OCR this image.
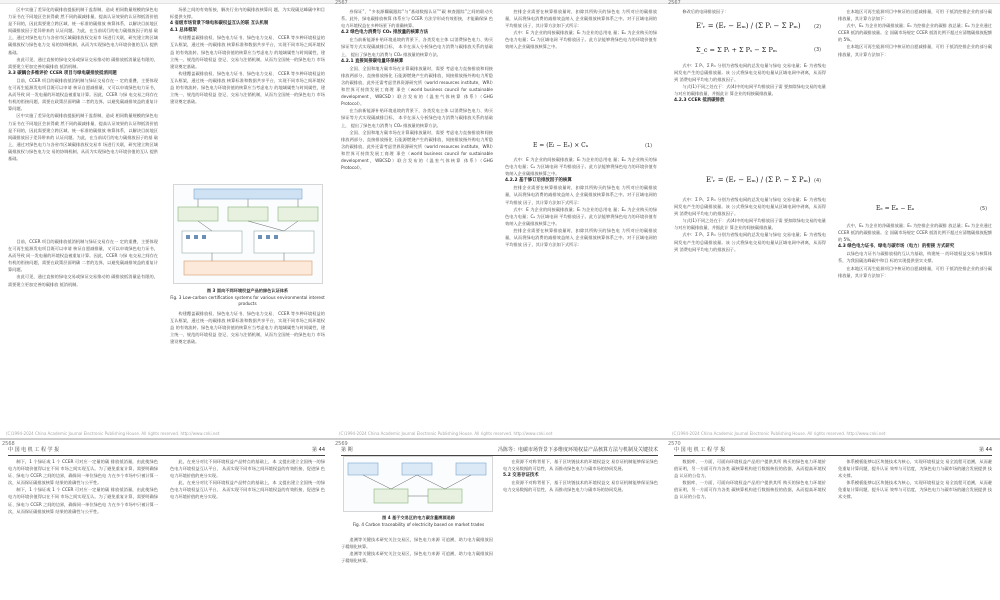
区中实施了差异化的碳排放提振机制于监督制，造成 相同数量规模的绿色电力证书在不同地区会获得截 然不同的碳减排量，提高认证效果的认证和抵消价值 是不同的，因此需要建立跨区域、统一标准的碳排放 核算体系，以解决目前地区间碳排放因子差异带来的 认证问题。为此，在当前试行的电力碳排放因子的基 础上，通过对绿色电力与各省市区域碳排放权交易市 场进行关联，研究建立跨区域碳排放权与绿色电力交 易的协调机制，从而为实现绿色电力环境价值的互认 提供基础。

由此可见，通过直接的绿电交易或绿证交易推动的 碳排放抵消量是有限的，需要建立更加完善的碳排放 抵消机制。

3.3 碳耦合多维评价 CCER 项目与绿电碳排放抵消问题

目前，CCER 项目的碳排放抵消机制与绿证交易存在一 定的重叠，主要体现在可再生能源发电项目既可以申请 核证自愿减排量，又可以申请绿色电力证书，从而导致 同一发电量的环境权益被重复计算。因此，CCER 与绿 电交易之间存在有机的衔接问题，需要在政策层面明确 二者的边界，以避免碳减排效益的重复计算问题。

区中实施了差异化的碳排放提振机制于监督制，造成 相同数量规模的绿色电力证书在不同地区会获得截 然不同的碳减排量，提高认证效果的认证和抵消价值 是不同的，因此需要建立跨区域、统一标准的碳排放 核算体系，以解决目前地区间碳排放因子差异带来的 认证问题。为此，在当前试行的电力碳排放因子的基 础上，通过对绿色电力与各省市区域碳排放权交易市 场进行关联，研究建立跨区域碳排放权与绿色电力交 易的协调机制，从而为实现绿色电力环境价值的互认 提供基础。

场景之间的有效衔接，解决行业内的碳排放核算问 题，为实现碳达峰碳中和目标提供支撑。

4 省级市场背景下绿电和碳权益互认的联 互认机制

4.1 总体框架

构建覆盖碳排放权、绿色电力证书、绿色电力交易、 CCER 等多种环境权益的互认框架，通过统一的碳排放 核算标准和数据共享平台，实现不同市场之间环境权益 的有效流转。绿色电力环境价值的核算应当考虑电力 的地域属性与时间属性，建立统一、规范的环境权益 登记、交易与注销机制，从而为全国统一的绿色电力 市场建设奠定基础。

构建覆盖碳排放权、绿色电力证书、绿色电力交易、 CCER 等多种环境权益的互认框架，通过统一的碳排放 核算标准和数据共享平台，实现不同市场之间环境权益 的有效流转。绿色电力环境价值的核算应当考虑电力 的地域属性与时间属性，建立统一、规范的环境权益 登记、交易与注销机制，从而为全国统一的绿色电力 市场建设奠定基础。

图 3 面向不同环境权益产品的绿色认证体系
Fig. 3 Low-carbon certification systems for various environmental interest products

目前，CCER 项目的碳排放抵消机制与绿证交易存在一 定的重叠，主要体现在可再生能源发电项目既可以申请 核证自愿减排量，又可以申请绿色电力证书，从而导致 同一发电量的环境权益被重复计算。因此，CCER 与绿 电交易之间存在有机的衔接问题，需要在政策层面明确 二者的边界，以避免碳减排效益的重复计算问题。

由此可见，通过直接的绿电交易或绿证交易推动的 碳排放抵消量是有限的，需要建立更加完善的碳排放 抵消机制。

构建覆盖碳排放权、绿色电力证书、绿色电力交易、 CCER 等多种环境权益的互认框架，通过统一的碳排放 核算标准和数据共享平台，实现不同市场之间环境权益 的有效流转。绿色电力环境价值的核算应当考虑电力 的地域属性与时间属性，建立统一、规范的环境权益 登记、交易与注销机制，从而为全国统一的绿色电力 市场建设奠定基础。

(C)1994-2024 China Academic Journal Electronic Publishing House. All rights reserved. http://www.cnki.net
2567

券保证”、“多表源耦碳跟踪”与“基础数据认证”“碳 核查跟踪”之间的联动关系。此外，绿电碳排放核算 体系应与 CCER 方法学形成有效衔接，才能确保绿 色电力环境权益在多种场景下的准确核算。

4.2 绿色电力消费与 CO₂ 排放量的核算方法

在当前新能源补贴环境退坡的背景下，各类发电主体 以消费绿色电力、购买绿证等方式实现碳减排目标， 本节在深入分析绿色电力消费与碳排放关系的基础上， 提出了绿色电力消费与 CO₂ 排放量的核算方法。

4.2.1 直接间接碳电量环保核算

全国、全国和地方碳市场在计算碳排放量时，需要 考虑电力直接排放和间接排放两部分，直接排放指化 石能源燃烧产生的碳排放，间接排放指外购电力所隐 含的碳排放，此外还需考虑世界资源研究所（world resources institute，WRI）和世界可持续发展工商理 事会（world business council for sustainable development，WBCSD）联合发布的《温室气体核算 体系》（GHG Protocol）。

在当前新能源补贴环境退坡的背景下，各类发电主体 以消费绿色电力、购买绿证等方式实现碳减排目标， 本节在深入分析绿色电力消费与碳排放关系的基础上， 提出了绿色电力消费与 CO₂ 排放量的核算方法。

全国、全国和地方碳市场在计算碳排放量时，需要 考虑电力直接排放和间接排放两部分，直接排放指化 石能源燃烧产生的碳排放，间接排放指外购电力所隐 含的碳排放，此外还需考虑世界资源研究所（world resources institute，WRI）和世界可持续发展工商理 事会（world business council for sustainable development，WBCSD）联合发布的《温室气体核算 体系》（GHG Protocol）。

控排企业需要在核算排放量时，扣除其所购买的绿色电 力所对应的碳排放量，从而将绿电消费的减排效益纳入 企业碳排放核算体系之中。对于区域电网的平均排放 因子，其计算方法如下式所示：

式中：E 为企业的间接碳排放量；Eₗ 为企业的总用电 量；Eₑ 为企业购买的绿色电力电量；Cₐ 为区域电网 平均排放因子。此方法能够将绿色电力的环境价值有 效纳入企业碳排放核算之中。

E = (Eₗ − Eₑ) × Cₐ	(1)

式中：E 为企业的间接碳排放量；Eₗ 为企业的总用电 量；Eₑ 为企业购买的绿色电力电量；Cₐ 为区域电网 平均排放因子。此方法能够将绿色电力的环境价值有 效纳入企业碳排放核算之中。

4.2.2 基于修订后排放因子的核算

控排企业需要在核算排放量时，扣除其所购买的绿色电 力所对应的碳排放量，从而将绿电消费的减排效益纳入 企业碳排放核算体系之中。对于区域电网的平均排放 因子，其计算方法如下式所示：

式中：E 为企业的间接碳排放量；Eₗ 为企业的总用电 量；Eₑ 为企业购买的绿色电力电量；Cₐ 为区域电网 平均排放因子。此方法能够将绿色电力的环境价值有 效纳入企业碳排放核算之中。

控排企业需要在核算排放量时，扣除其所购买的绿色电 力所对应的碳排放量，从而将绿电消费的减排效益纳入 企业碳排放核算体系之中。对于区域电网的平均排放 因子，其计算方法如下式所示：

(C)1994-2024 China Academic Journal Electronic Publishing House. All rights reserved. http://www.cnki.net
2567

修改后的电网排放因子：

E'ᵣ = (Eᵣ − Eₘ) / (Σ Pᵢ − Σ Pₘ)	(2)
Σ_c = Σ Pᵢ + Σ Pₛ − Σ Pₘ	(3)

式中：Σ Pᵢ、Σ Pₘ 分别为省级电网的总发电量与绿电 交易电量；Eᵣ 为省级电网发电产生的总碳排放量。该 公式将绿电交易的电量从区域电网中剥离，从而得到 消费电网平均电力的排放因子。

与式(1)不同之处在于：式(4)中的电网平均排放因子需 要扣除绿电交易的电量与对应的碳排放量，并据此计 算企业的间接碳排放量。

4.2.3 CCER 抵消碳排放

E'ᵣ = (Eᵣ − Eₘ) / (Σ Pᵢ − Σ Pₘ) (4)

式中：Σ Pᵢ、Σ Pₘ 分别为省级电网的总发电量与绿电 交易电量；Eᵣ 为省级电网发电产生的总碳排放量。该 公式将绿电交易的电量从区域电网中剥离，从而得到 消费电网平均电力的排放因子。

与式(1)不同之处在于：式(4)中的电网平均排放因子需 要扣除绿电交易的电量与对应的碳排放量，并据此计 算企业的间接碳排放量。

式中：Σ Pᵢ、Σ Pₘ 分别为省级电网的总发电量与绿电 交易电量；Eᵣ 为省级电网发电产生的总碳排放量。该 公式将绿电交易的电量从区域电网中剥离，从而得到 消费电网平均电力的排放因子。

在本地区可再生能源项目中核证的自愿减排量，可用 于抵消控排企业的部分碳排放量，其计算方法如下：

式中，Eₑ 为企业的净碳排放量；Eₙ 为控排企业的碳排 放总量；Eₐ 为企业通过 CCER 抵消的碳排放量。全 国碳市场规定 CCER 抵消比例不超过应清缴碳排放配额 的 5%。

在本地区可再生能源项目中核证的自愿减排量，可用 于抵消控排企业的部分碳排放量，其计算方法如下：

Eₑ = Eₙ − Eₐ	(5)

式中，Eₑ 为企业的净碳排放量；Eₙ 为控排企业的碳排 放总量；Eₐ 为企业通过 CCER 抵消的碳排放量。全 国碳市场规定 CCER 抵消比例不超过应清缴碳排放配额 的 5%。

4.3 绿色电力证书、绿电与碳市场（电力）的衔接 方式研究

以绿色电力证书与碳排放权的互认为基础，构建统一 的环境权益交易与核算体系，为我国碳达峰碳中和目 标的实现提供坚实支撑。

在本地区可再生能源项目中核证的自愿减排量，可用 于抵消控排企业的部分碳排放量，其计算方法如下：

(C)1994-2024 China Academic Journal Electronic Publishing House. All rights reserved. http://www.cnki.net
2568
中 国 电 机 工 程 学 报	第 44

制下，1 个绿证或 1 个 CCER 可对应一定量的碳 排放抵消量，由此使绿色电力的环境价值得以在不同 市场之间实现互认。为了避免重复计算，需要明确绿 证、绿电与 CCER 之间的边界，确保同一单位绿色电 力在多个市场中只被计算一次，从而保证碳排放核算 结果的准确性与公平性。

制下，1 个绿证或 1 个 CCER 可对应一定量的碳 排放抵消量，由此使绿色电力的环境价值得以在不同 市场之间实现互认。为了避免重复计算，需要明确绿 证、绿电与 CCER 之间的边界，确保同一单位绿色电 力在多个市场中只被计算一次，从而保证碳排放核算 结果的准确性与公平性。

此，在充分对比不同环境权益产品特点的基础上，本 文提出建立全国统一的绿色电力环境权益互认平台， 从而实现不同市场之间环境权益的有效衔接，促进绿 色电力环境价值的充分实现。

此，在充分对比不同环境权益产品特点的基础上，本 文提出建立全国统一的绿色电力环境权益互认平台， 从而实现不同市场之间环境权益的有效衔接，促进绿 色电力环境价值的充分实现。

2569
第 期	冯陈等：电碳市场背景下多维度环境权益产品核算方法与机制及关键技术
图 4 基于交易区的电力碳含量溯源追踪
Fig. 4 Carbon traceability of electricity based on market trades

追溯等关键技术研究关注交易区，绿色电力来源 可追溯，助力电力碳排放因子精细化核算。

追溯等关键技术研究关注交易区，绿色电力来源 可追溯，助力电力碳排放因子精细化核算。

在资源不对称背景下，基于区块链技术的环境权益交 易存证机制能够保证绿色电力交易数据的可信性，从 而推动绿色电力与碳市场的协同发展。

5.2 交易存证技术

在资源不对称背景下，基于区块链技术的环境权益交 易存证机制能够保证绿色电力交易数据的可信性，从 而推动绿色电力与碳市场的协同发展。

2570
中 国 电 机 工 程 学 报	第 44

数据库、一方面，可面向环境权益产品用户提供其所 购买的绿色电力环境价值证明，另一方面可作为各类 碳核算机构进行数据核验的依据，从而提高环境权益 认证的公信力。

数据库、一方面，可面向环境权益产品用户提供其所 购买的绿色电力环境价值证明，另一方面可作为各类 碳核算机构进行数据核验的依据，从而提高环境权益 认证的公信力。

体系模板能够以区块链技术为核心，实现环境权益交 易全流程可追溯，从而避免重复计算问题，提升认证 效率与可信度，为绿色电力与碳市场的融合发展提供 技术支撑。

体系模板能够以区块链技术为核心，实现环境权益交 易全流程可追溯，从而避免重复计算问题，提升认证 效率与可信度，为绿色电力与碳市场的融合发展提供 技术支撑。
